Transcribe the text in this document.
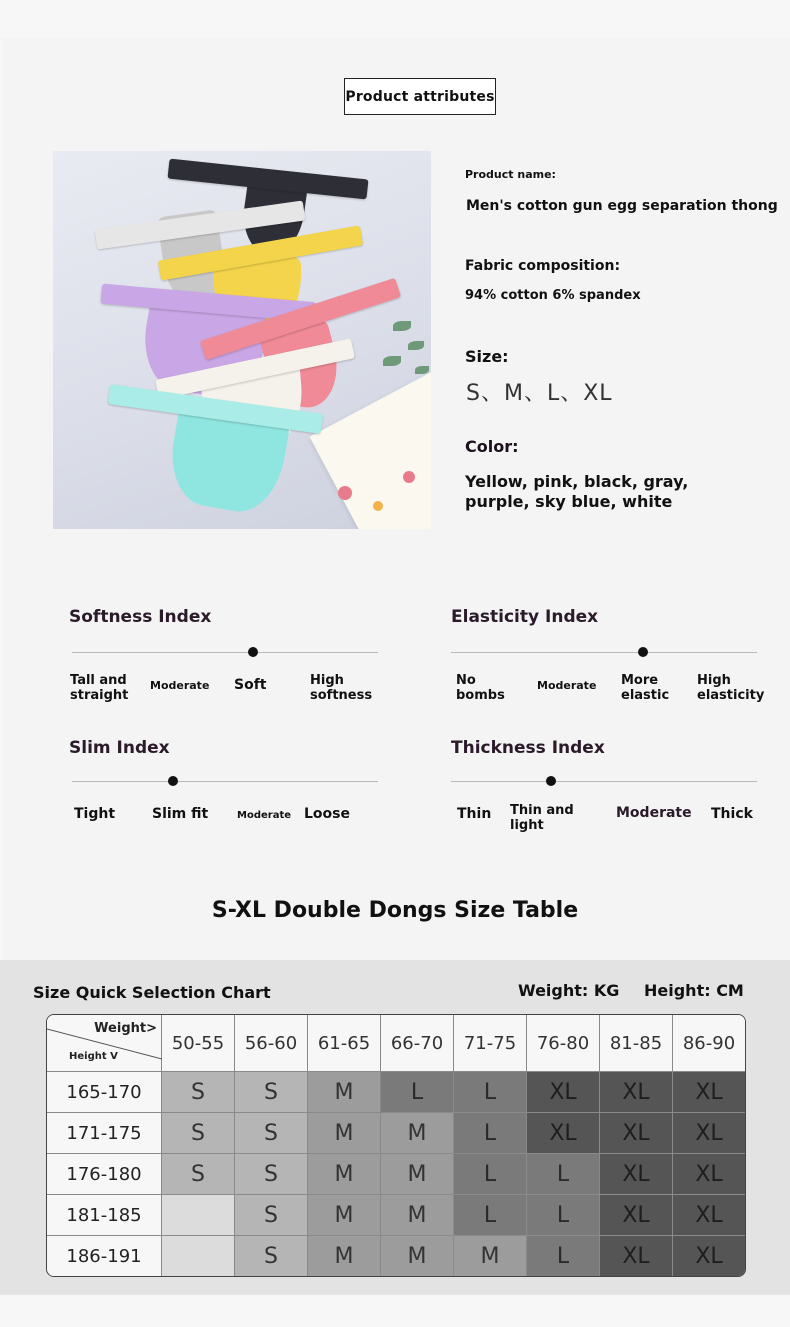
Product attributes
Product name:
Men's cotton gun egg separation thong
Fabric composition:
94% cotton 6% spandex
Size:
S、M、L、XL
Color:
Yellow, pink, black, gray, purple, sky blue, white
Softness Index
Tall and straight
Moderate Soft	High softness
Elasticity Index
No bombs
Moderate More elastic
High elasticity
Slim Index
Tight	Slim fit	Moderate Loose
Thickness Index
Thin Thin and light
Moderate Thick
S-XL Double Dongs Size Table
Size Quick Selection Chart	Weight: KG Height: CM
Weight>
Height V	50-55	56-60	61-65	66-70	71-75	76-80	81-85	86-90
165-170	S	S	M	L	L	XL	XL	XL
171-175	S	S	M	M	L	XL	XL	XL
176-180	S	S	M	M	L	L	XL	XL
181-185		S	M	M	L	L	XL	XL
186-191		S	M	M	M	L	XL	XL
